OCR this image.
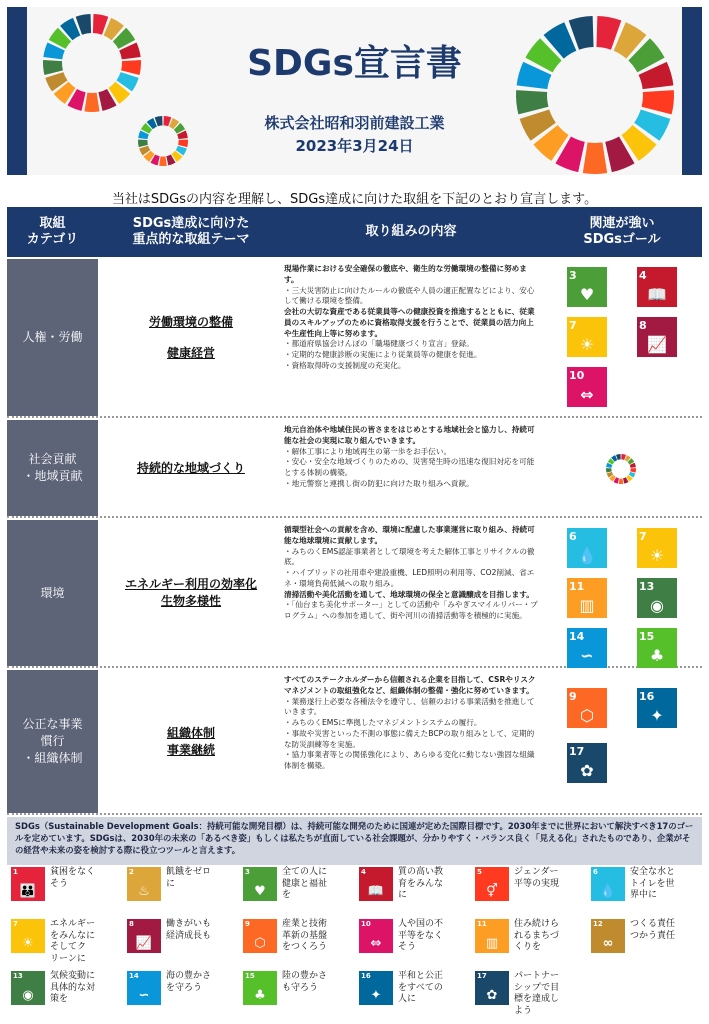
SDGs宣言書
株式会社昭和羽前建設工業
2023年3月24日
当社はSDGsの内容を理解し、SDGs達成に向けた取組を下記のとおり宣言します。
取組
カテゴリ
SDGs達成に向けた
重点的な取組テーマ
取り組みの内容
関連が強い
SDGsゴール
人権・労働
労働環境の整備
健康経営
現場作業における安全確保の徹底や、衛生的な労働環境の整備に努めます。
・三大災害防止に向けたルールの徹底や人員の適正配置などにより、安心して働ける環境を整備。
会社の大切な資産である従業員等への健康投資を推進するとともに、従業員のスキルアップのために資格取得支援を行うことで、従業員の活力向上や生産性向上等に努めます。
・都道府県協会けんぽの「職場健康づくり宣言」登録。
・定期的な健康診断の実施により従業員等の健康を促進。
・資格取得時の支援制度の充実化。
3
♥
4
📖
7
☀
8
📈
10
⇔
社会貢献
・地域貢献
持続的な地域づくり
地元自治体や地域住民の皆さまをはじめとする地域社会と協力し、持続可能な社会の実現に取り組んでいきます。
・解体工事により地域再生の第一歩をお手伝い。
・安心・安全な地域づくりのための、災害発生時の迅速な復旧対応を可能とする体制の構築。
・地元警察と連携し街の防犯に向けた取り組みへ貢献。
環境
エネルギー利用の効率化
生物多様性
循環型社会への貢献を含め、環境に配慮した事業運営に取り組み、持続可能な地球環境に貢献します。
・みちのくEMS認証事業者として環境を考えた解体工事とリサイクルの徹底。
・ハイブリッドの社用車や建設重機、LED照明の利用等、CO2削減、省エネ・環境負荷低減への取り組み。
清掃活動や美化活動を通して、地球環境の保全と意識醸成を目指します。
・「仙台まち美化サポーター」としての活動や「みやぎスマイルリバー・プログラム」への参加を通して、街や河川の清掃活動等を積極的に実施。
6
💧
7
☀
11
▥
13
◉
14
∽
15
♣
公正な事業
慣行
・組織体制
組織体制
事業継続
すべてのステークホルダーから信頼される企業を目指して、CSRやリスクマネジメントの取組強化など、組織体制の整備・強化に努めていきます。
・業務遂行上必要な各種法令を遵守し、信頼のおける事業活動を推進していきます。
・みちのくEMSに準拠したマネジメントシステムの履行。
・事故や災害といった不測の事態に備えたBCPの取り組みとして、定期的な防災訓練等を実施。
・協力事業者等との関係強化により、あらゆる変化に動じない強固な組織体制を構築。
9
⬡
16
✦
17
✿
SDGs（Sustainable Development Goals：持続可能な開発目標）は、持続可能な開発のために国連が定めた国際目標です。2030年までに世界において解決すべき17のゴールを定めています。SDGsは、2030年の未来の「あるべき姿」もしくは私たちが直面している社会課題が、分かりやすく・バランス良く「見える化」されたものであり、企業がその経営や未来の姿を検討する際に役立つツールと言えます。
1
👪
貧困をなく
そう
2
♨
飢餓をゼロ
に
3
♥
全ての人に
健康と福祉
を
4
📖
質の高い教
育をみんな
に
5
⚥
ジェンダー
平等の実現
6
💧
安全な水と
トイレを世
界中に
7
☀
エネルギー
をみんなに
そしてク
リーンに
8
📈
働きがいも
経済成長も
9
⬡
産業と技術
革新の基盤
をつくろう
10
⇔
人や国の不
平等をなく
そう
11
▥
住み続けら
れるまちづ
くりを
12
∞
つくる責任
つかう責任
13
◉
気候変動に
具体的な対
策を
14
∽
海の豊かさ
を守ろう
15
♣
陸の豊かさ
も守ろう
16
✦
平和と公正
をすべての
人に
17
✿
パートナー
シップで目
標を達成し
よう
